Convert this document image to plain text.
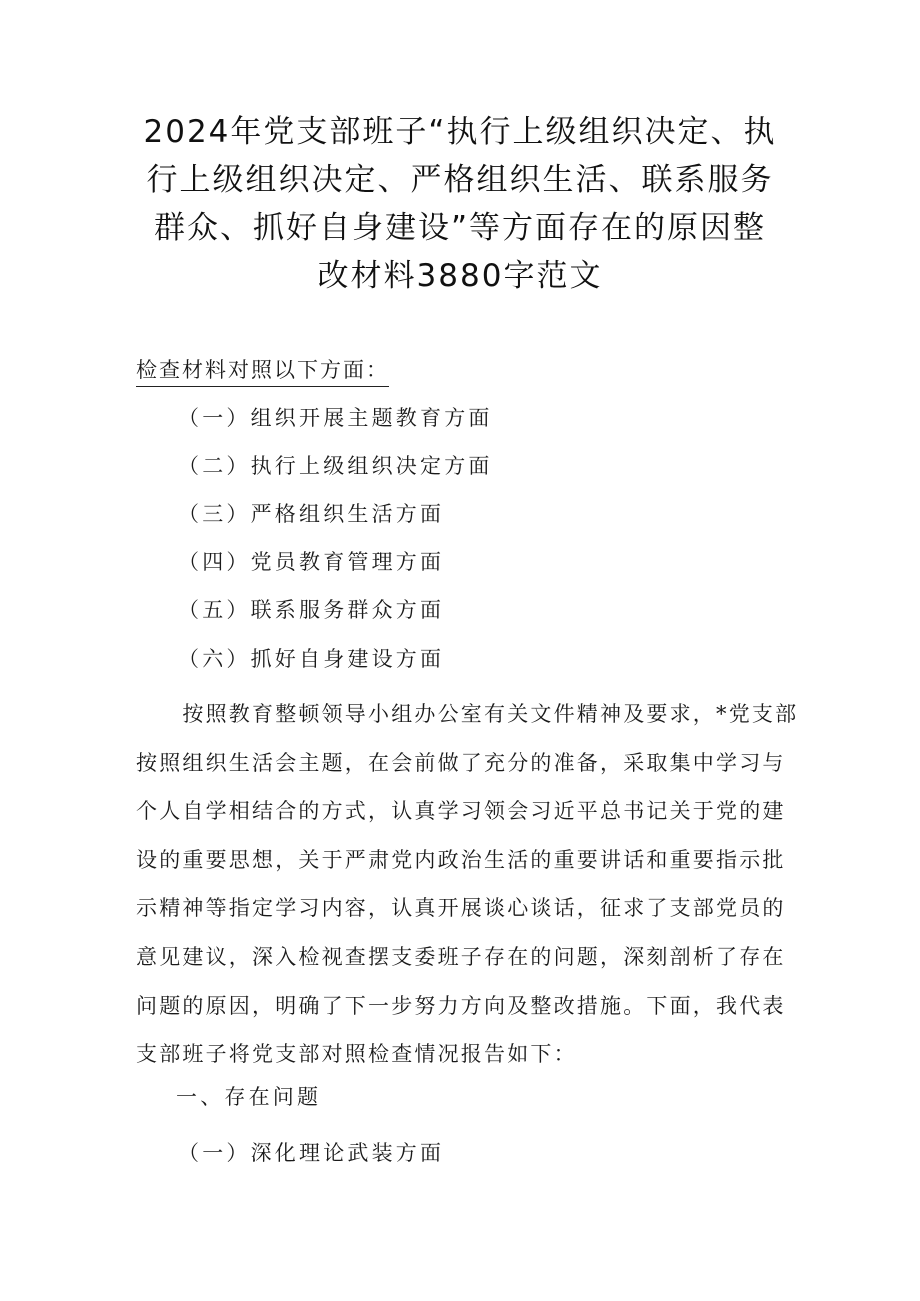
2024年党支部班子“执行上级组织决定、执
行上级组织决定、严格组织生活、联系服务
群众、抓好自身建设”等方面存在的原因整
改材料3880字范文
检查材料对照以下方面：
（一）组织开展主题教育方面
（二）执行上级组织决定方面
（三）严格组织生活方面
（四）党员教育管理方面
（五）联系服务群众方面
（六）抓好自身建设方面
　　按照教育整顿领导小组办公室有关文件精神及要求，*党支部
按照组织生活会主题，在会前做了充分的准备，采取集中学习与
个人自学相结合的方式，认真学习领会习近平总书记关于党的建
设的重要思想，关于严肃党内政治生活的重要讲话和重要指示批
示精神等指定学习内容，认真开展谈心谈话，征求了支部党员的
意见建议，深入检视查摆支委班子存在的问题，深刻剖析了存在
问题的原因，明确了下一步努力方向及整改措施。下面，我代表
支部班子将党支部对照检查情况报告如下：
一、存在问题
（一）深化理论武装方面
